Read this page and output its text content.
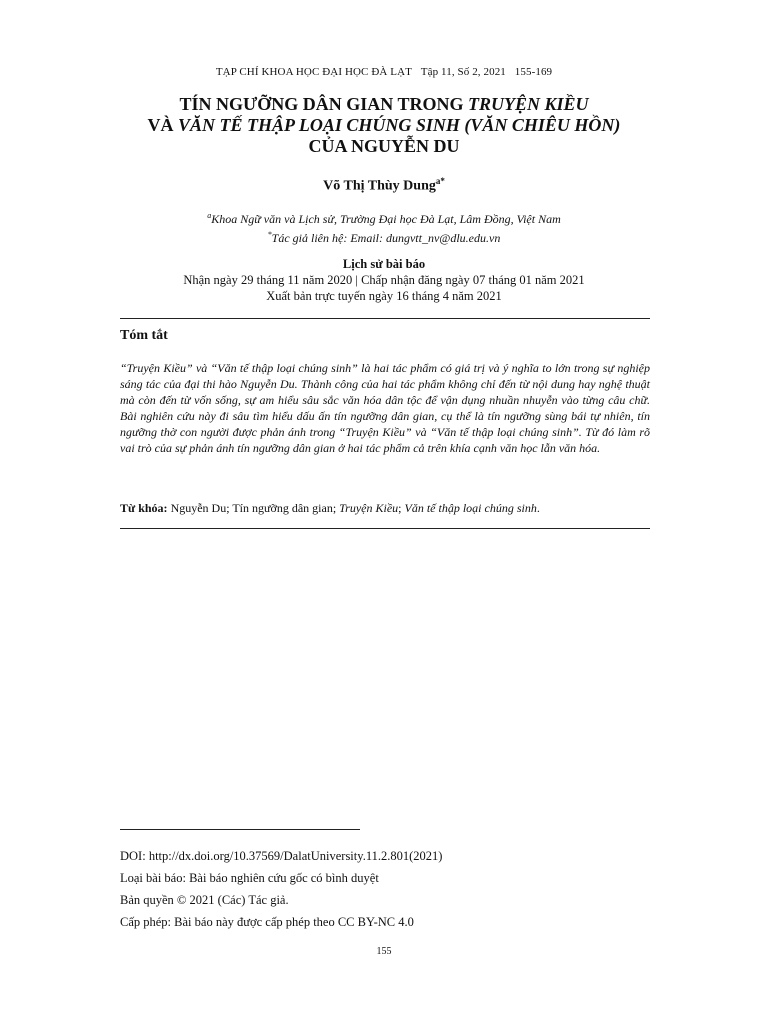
TẠP CHÍ KHOA HỌC ĐẠI HỌC ĐÀ LẠT Tập 11, Số 2, 2021 155-169
TÍN NGƯỠNG DÂN GIAN TRONG TRUYỆN KIỀU
VÀ VĂN TẾ THẬP LOẠI CHÚNG SINH (VĂN CHIÊU HỒN)
CỦA NGUYỄN DU
Võ Thị Thùy Dung$^{a*}$
$^a$Khoa Ngữ văn và Lịch sử, Trường Đại học Đà Lạt, Lâm Đồng, Việt Nam
*Tác giả liên hệ: Email: dungvtt_nv@dlu.edu.vn
Lịch sử bài báo
Nhận ngày 29 tháng 11 năm 2020 | Chấp nhận đăng ngày 07 tháng 01 năm 2021
Xuất bản trực tuyến ngày 16 tháng 4 năm 2021
Tóm tắt
“Truyện Kiều” và “Văn tế thập loại chúng sinh” là hai tác phẩm có giá trị và ý nghĩa to lớn trong sự nghiệp sáng tác của đại thi hào Nguyễn Du. Thành công của hai tác phẩm không chỉ đến từ nội dung hay nghệ thuật mà còn đến từ vốn sống, sự am hiểu sâu sắc văn hóa dân tộc để vận dụng nhuần nhuyễn vào từng câu chữ. Bài nghiên cứu này đi sâu tìm hiểu dấu ấn tín ngưỡng dân gian, cụ thể là tín ngưỡng sùng bái tự nhiên, tín ngưỡng thờ con người được phản ánh trong “Truyện Kiều” và “Văn tế thập loại chúng sinh”. Từ đó làm rõ vai trò của sự phản ánh tín ngưỡng dân gian ở hai tác phẩm cả trên khía cạnh văn học lẫn văn hóa.
Từ khóa: Nguyễn Du; Tín ngưỡng dân gian; Truyện Kiều; Văn tế thập loại chúng sinh.
DOI: http://dx.doi.org/10.37569/DalatUniversity.11.2.801(2021)
Loại bài báo: Bài báo nghiên cứu gốc có bình duyệt
Bản quyền © 2021 (Các) Tác giả.
Cấp phép: Bài báo này được cấp phép theo CC BY-NC 4.0
155
